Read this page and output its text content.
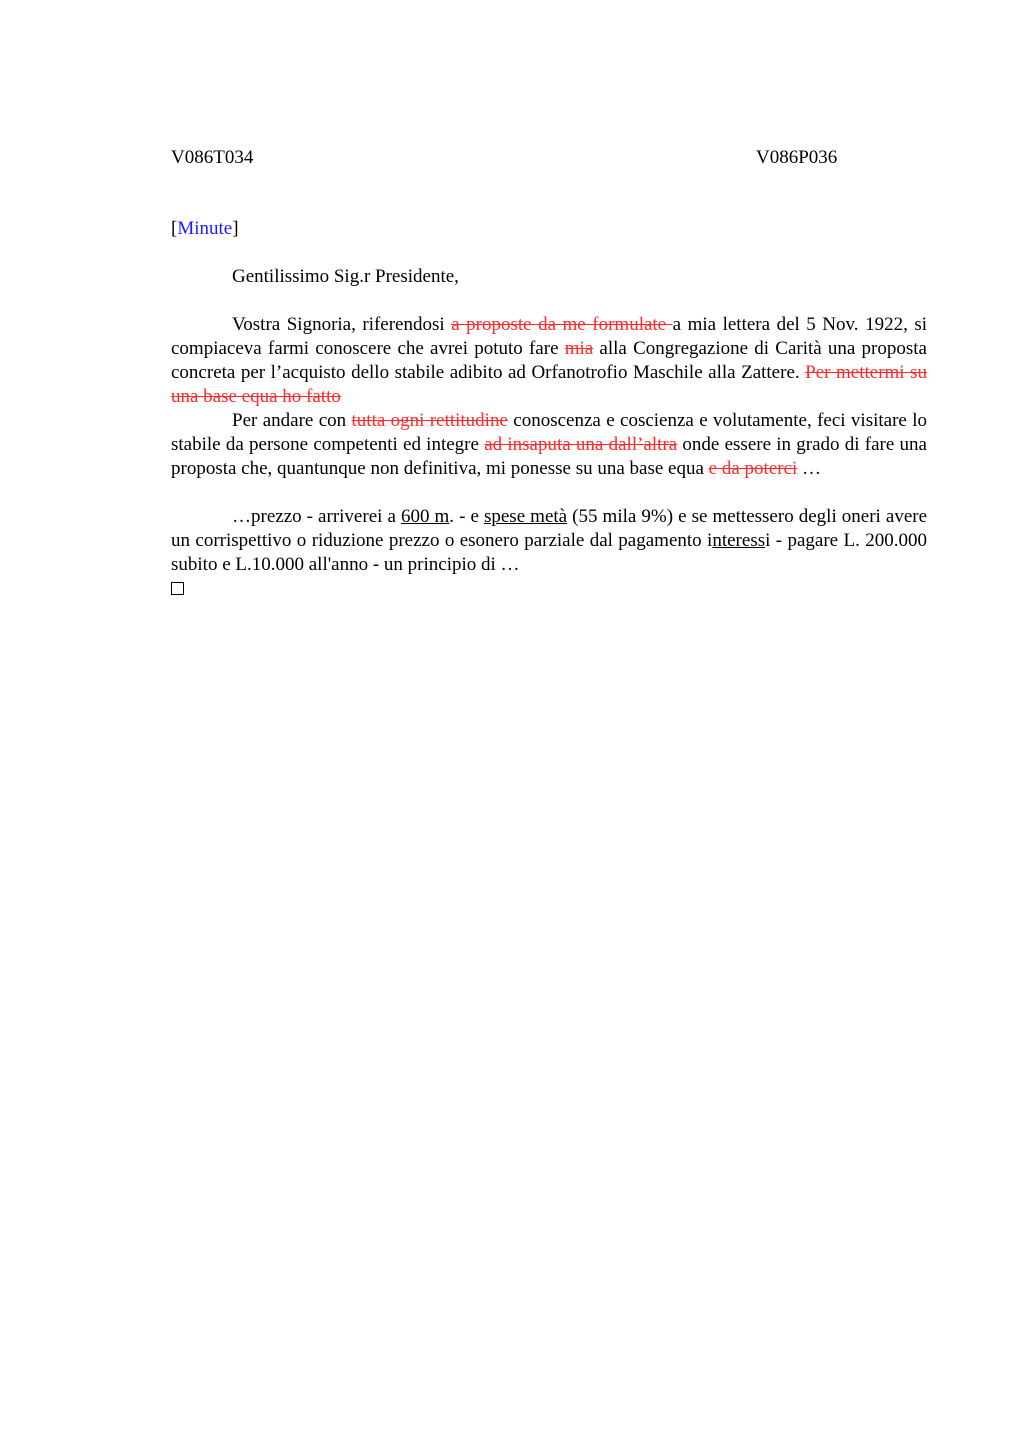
V086T034	V086P036
[Minute]
Gentilissimo Sig.r Presidente,

Vostra Signoria, riferendosi a proposte da me formulate a mia lettera del 5 Nov. 1922, si compiaceva farmi conoscere che avrei potuto fare mia alla Congregazione di Carità una proposta concreta per l’acquisto dello stabile adibito ad Orfanotrofio Maschile alla Zattere. Per mettermi su una base equa ho fatto

Per andare con tutta ogni rettitudine conoscenza e coscienza e volutamente, feci visitare lo stabile da persone competenti ed integre ad insaputa una dall’altra onde essere in grado di fare una proposta che, quantunque non definitiva, mi ponesse su una base equa e da poterci …

…prezzo - arriverei a 600 m. - e spese metà (55 mila 9%) e se mettessero degli oneri avere un corrispettivo o riduzione prezzo o esonero parziale dal pagamento interessi - pagare L. 200.000 subito e L.10.000 all'anno - un principio di …
